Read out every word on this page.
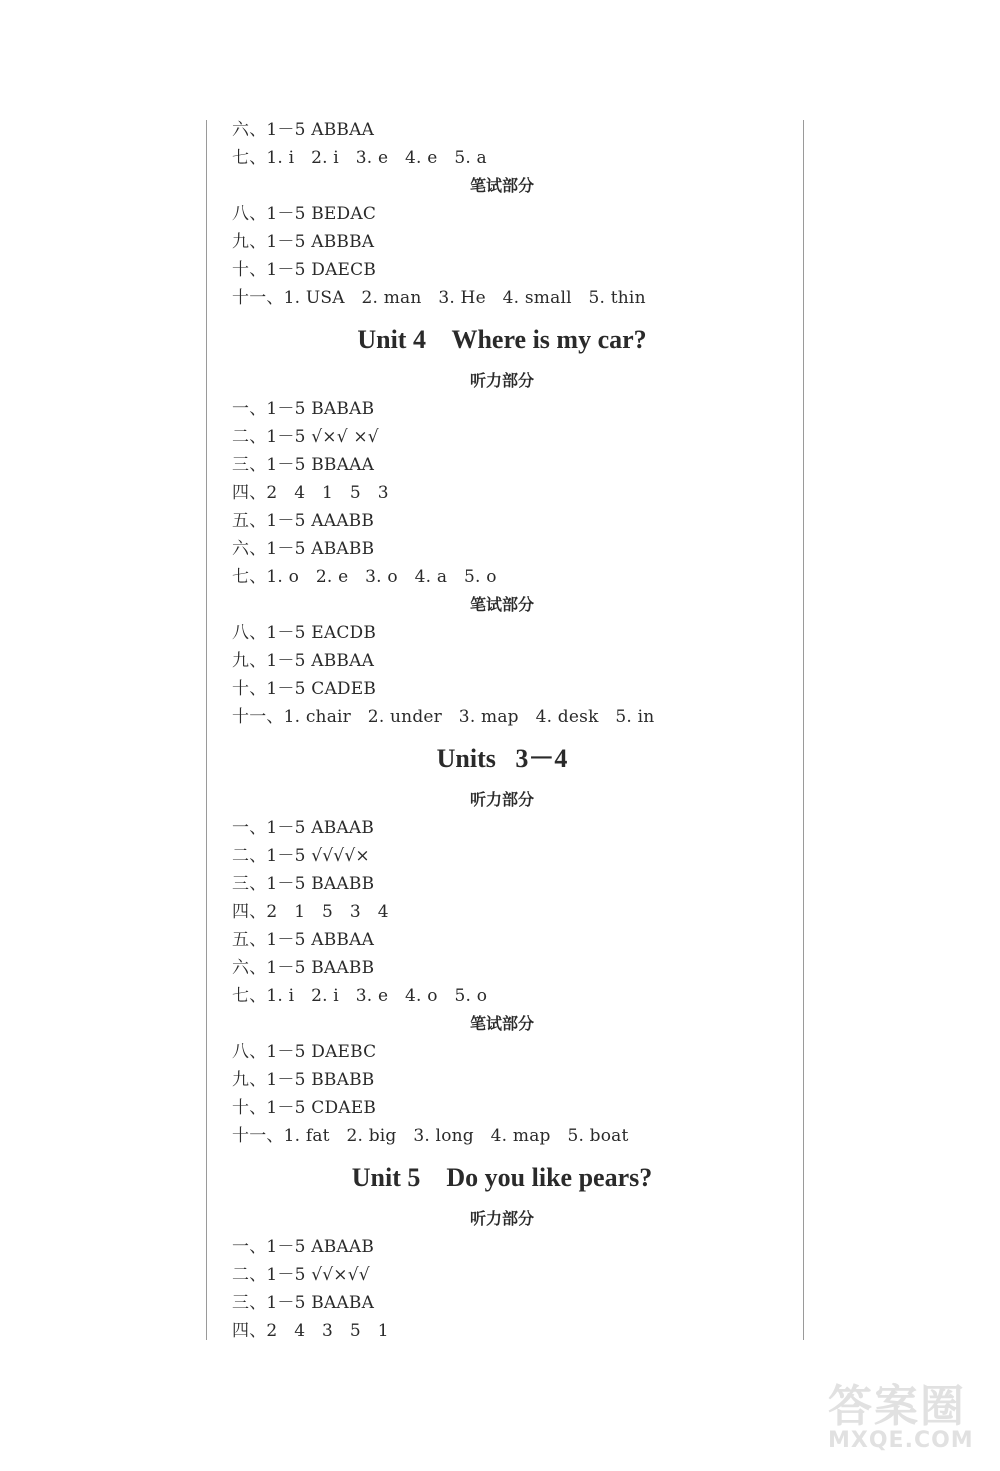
六、1－5 ABBAA
七、1. i   2. i   3. e   4. e   5. a
笔试部分
八、1－5 BEDAC
九、1－5 ABBBA
十、1－5 DAECB
十一、1. USA   2. man   3. He   4. small   5. thin
Unit 4    Where is my car?
听力部分
一、1－5 BABAB
二、1－5 √×√ ×√
三、1－5 BBAAA
四、2   4   1   5   3
五、1－5 AAABB
六、1－5 ABABB
七、1. o   2. e   3. o   4. a   5. o
笔试部分
八、1－5 EACDB
九、1－5 ABBAA
十、1－5 CADEB
十一、1. chair   2. under   3. map   4. desk   5. in
Units   3－4
听力部分
一、1－5 ABAAB
二、1－5 √√√√×
三、1－5 BAABB
四、2   1   5   3   4
五、1－5 ABBAA
六、1－5 BAABB
七、1. i   2. i   3. e   4. o   5. o
笔试部分
八、1－5 DAEBC
九、1－5 BBABB
十、1－5 CDAEB
十一、1. fat   2. big   3. long   4. map   5. boat
Unit 5    Do you like pears?
听力部分
一、1－5 ABAAB
二、1－5 √√×√√
三、1－5 BAABA
四、2   4   3   5   1
答案圈
MXQE.COM
